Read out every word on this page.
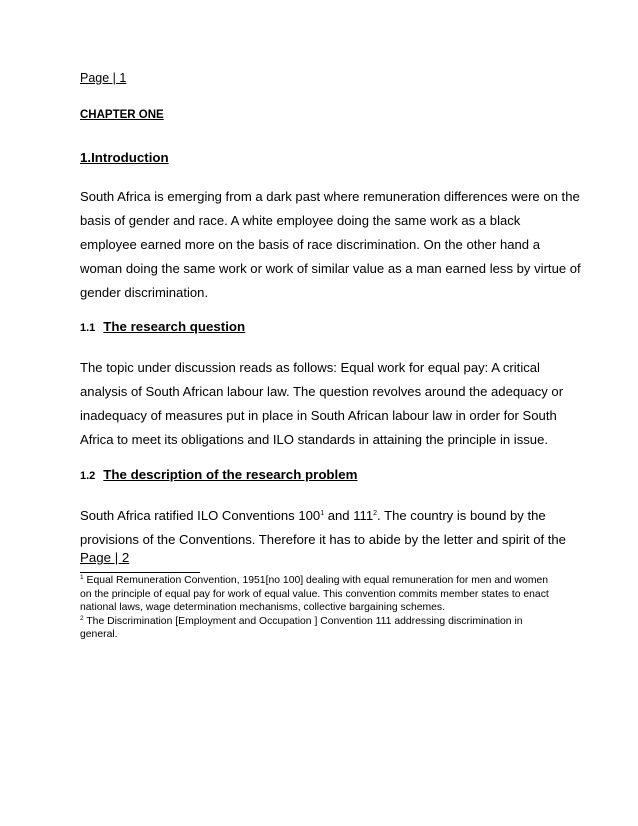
Page | 1
CHAPTER ONE
1.Introduction
South Africa is emerging from a dark past where remuneration differences were on the
basis of gender and race. A white employee doing the same work as a black
employee earned more on the basis of race discrimination. On the other hand a
woman doing the same work or work of similar value as a man earned less by virtue of
gender discrimination.
1.1 The research question
The topic under discussion reads as follows: Equal work for equal pay: A critical
analysis of South African labour law. The question revolves around the adequacy or
inadequacy of measures put in place in South African labour law in order for South
Africa to meet its obligations and ILO standards in attaining the principle in issue.
1.2 The description of the research problem
South Africa ratified ILO Conventions $100^1$ and $111^2$. The country is bound by the
provisions of the Conventions. Therefore it has to abide by the letter and spirit of the
Page | 2
$^1$ Equal Remuneration Convention, 1951[no 100] dealing with equal remuneration for men and women
on the principle of equal pay for work of equal value. This convention commits member states to enact
national laws, wage determination mechanisms, collective bargaining schemes.
$^2$ The Discrimination [Employment and Occupation ] Convention 111 addressing discrimination in
general.
